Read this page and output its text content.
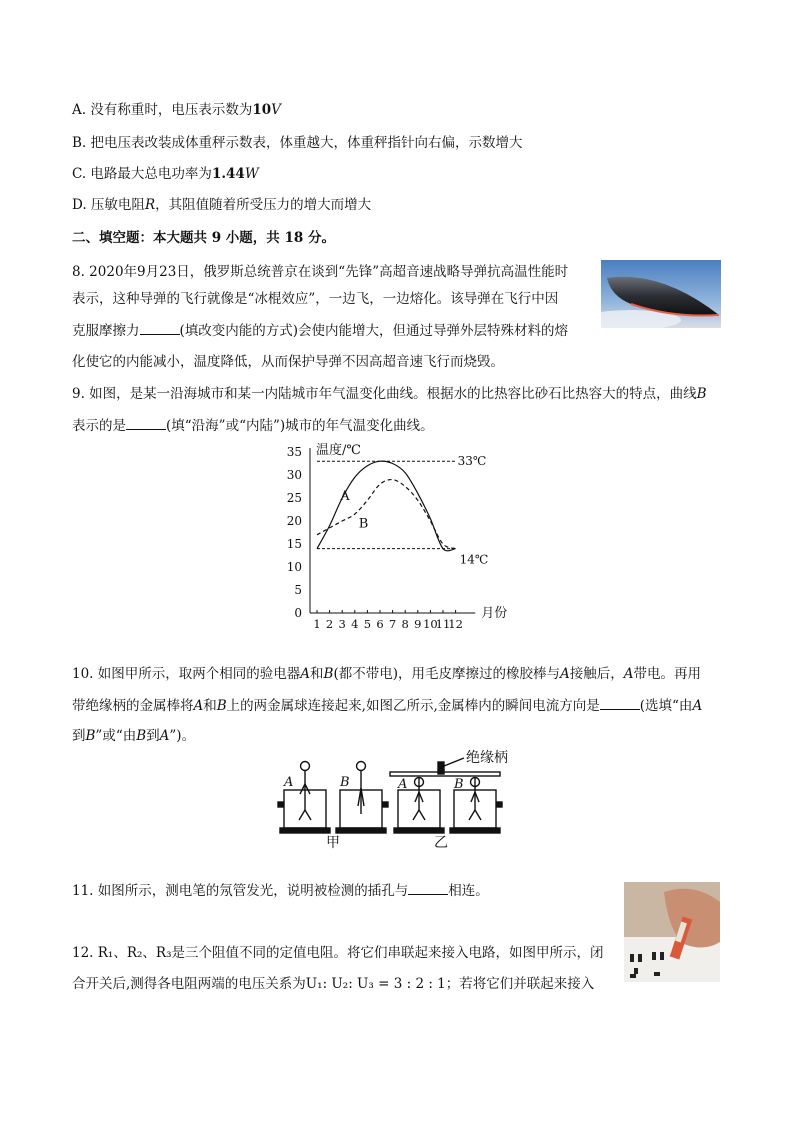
A. 没有称重时，电压表示数为10V
B. 把电压表改装成体重秤示数表，体重越大，体重秤指针向右偏，示数增大
C. 电路最大总电功率为1.44W
D. 压敏电阻R，其阻值随着所受压力的增大而增大
二、填空题：本大题共 9 小题，共 18 分。
8. 2020年9月23日，俄罗斯总统普京在谈到“先锋”高超音速战略导弹抗高温性能时
表示，这种导弹的飞行就像是“冰棍效应”，一边飞，一边熔化。该导弹在飞行中因
克服摩擦力	(填改变内能的方式)会使内能增大，但通过导弹外层特殊材料的熔
化使它的内能减小，温度降低，从而保护导弹不因高超音速飞行而烧毁。
9. 如图，是某一沿海城市和某一内陆城市年气温变化曲线。根据水的比热容比砂石比热容大的特点，曲线B
表示的是	(填“沿海”或“内陆”)城市的年气温变化曲线。
35
30
25
20
15
10
5
0
1 2 3 4 5 6 7 8 9 10
11
12
温度/℃
月份
33℃
14℃
A
B
10. 如图甲所示，取两个相同的验电器A和B(都不带电)，用毛皮摩擦过的橡胶棒与A接触后，A带电。再用
带绝缘柄的金属棒将A和B上的两金属球连接起来,如图乙所示,金属棒内的瞬间电流方向是	(选填“由A
到B”或“由B到A”)。
A	B	A	B
绝缘柄
甲	乙
11. 如图所示，测电笔的氖管发光，说明被检测的插孔与	相连。
12. R₁、R₂、R₃是三个阻值不同的定值电阻。将它们串联起来接入电路，如图甲所示，闭
合开关后,测得各电阻两端的电压关系为U₁: U₂: U₃ = 3 : 2 : 1；若将它们并联起来接入
